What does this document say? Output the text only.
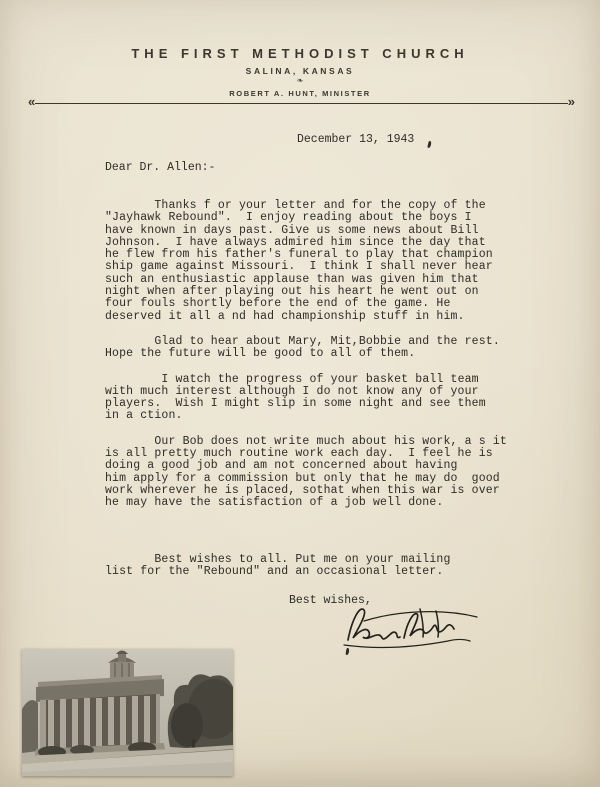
THE FIRST METHODIST CHURCH
SALINA, KANSAS
❧
ROBERT A. HUNT, MINISTER
«	»
December 13, 1943
Dear Dr. Allen:-

Thanks f or your letter and for the copy of the
"Jayhawk Rebound".  I enjoy reading about the boys I
have known in days past. Give us some news about Bill
Johnson.  I have always admired him since the day that
he flew from his father's funeral to play that champion
ship game against Missouri.  I think I shall never hear
such an enthusiastic applause than was given him that
night when after playing out his heart he went out on
four fouls shortly before the end of the game. He
deserved it all a nd had championship stuff in him.

Glad to hear about Mary, Mit,Bobbie and the rest.
Hope the future will be good to all of them.

I watch the progress of your basket ball team
with much interest although I do not know any of your
players.  Wish I might slip in some night and see them
in a ction.

Our Bob does not write much about his work, a s it
is all pretty much routine work each day.  I feel he is
doing a good job and am not concerned about having
him apply for a commission but only that he may do  good
work wherever he is placed, sothat when this war is over
he may have the satisfaction of a job well done.

Best wishes to all. Put me on your mailing
list for the "Rebound" and an occasional letter.

Best wishes,
